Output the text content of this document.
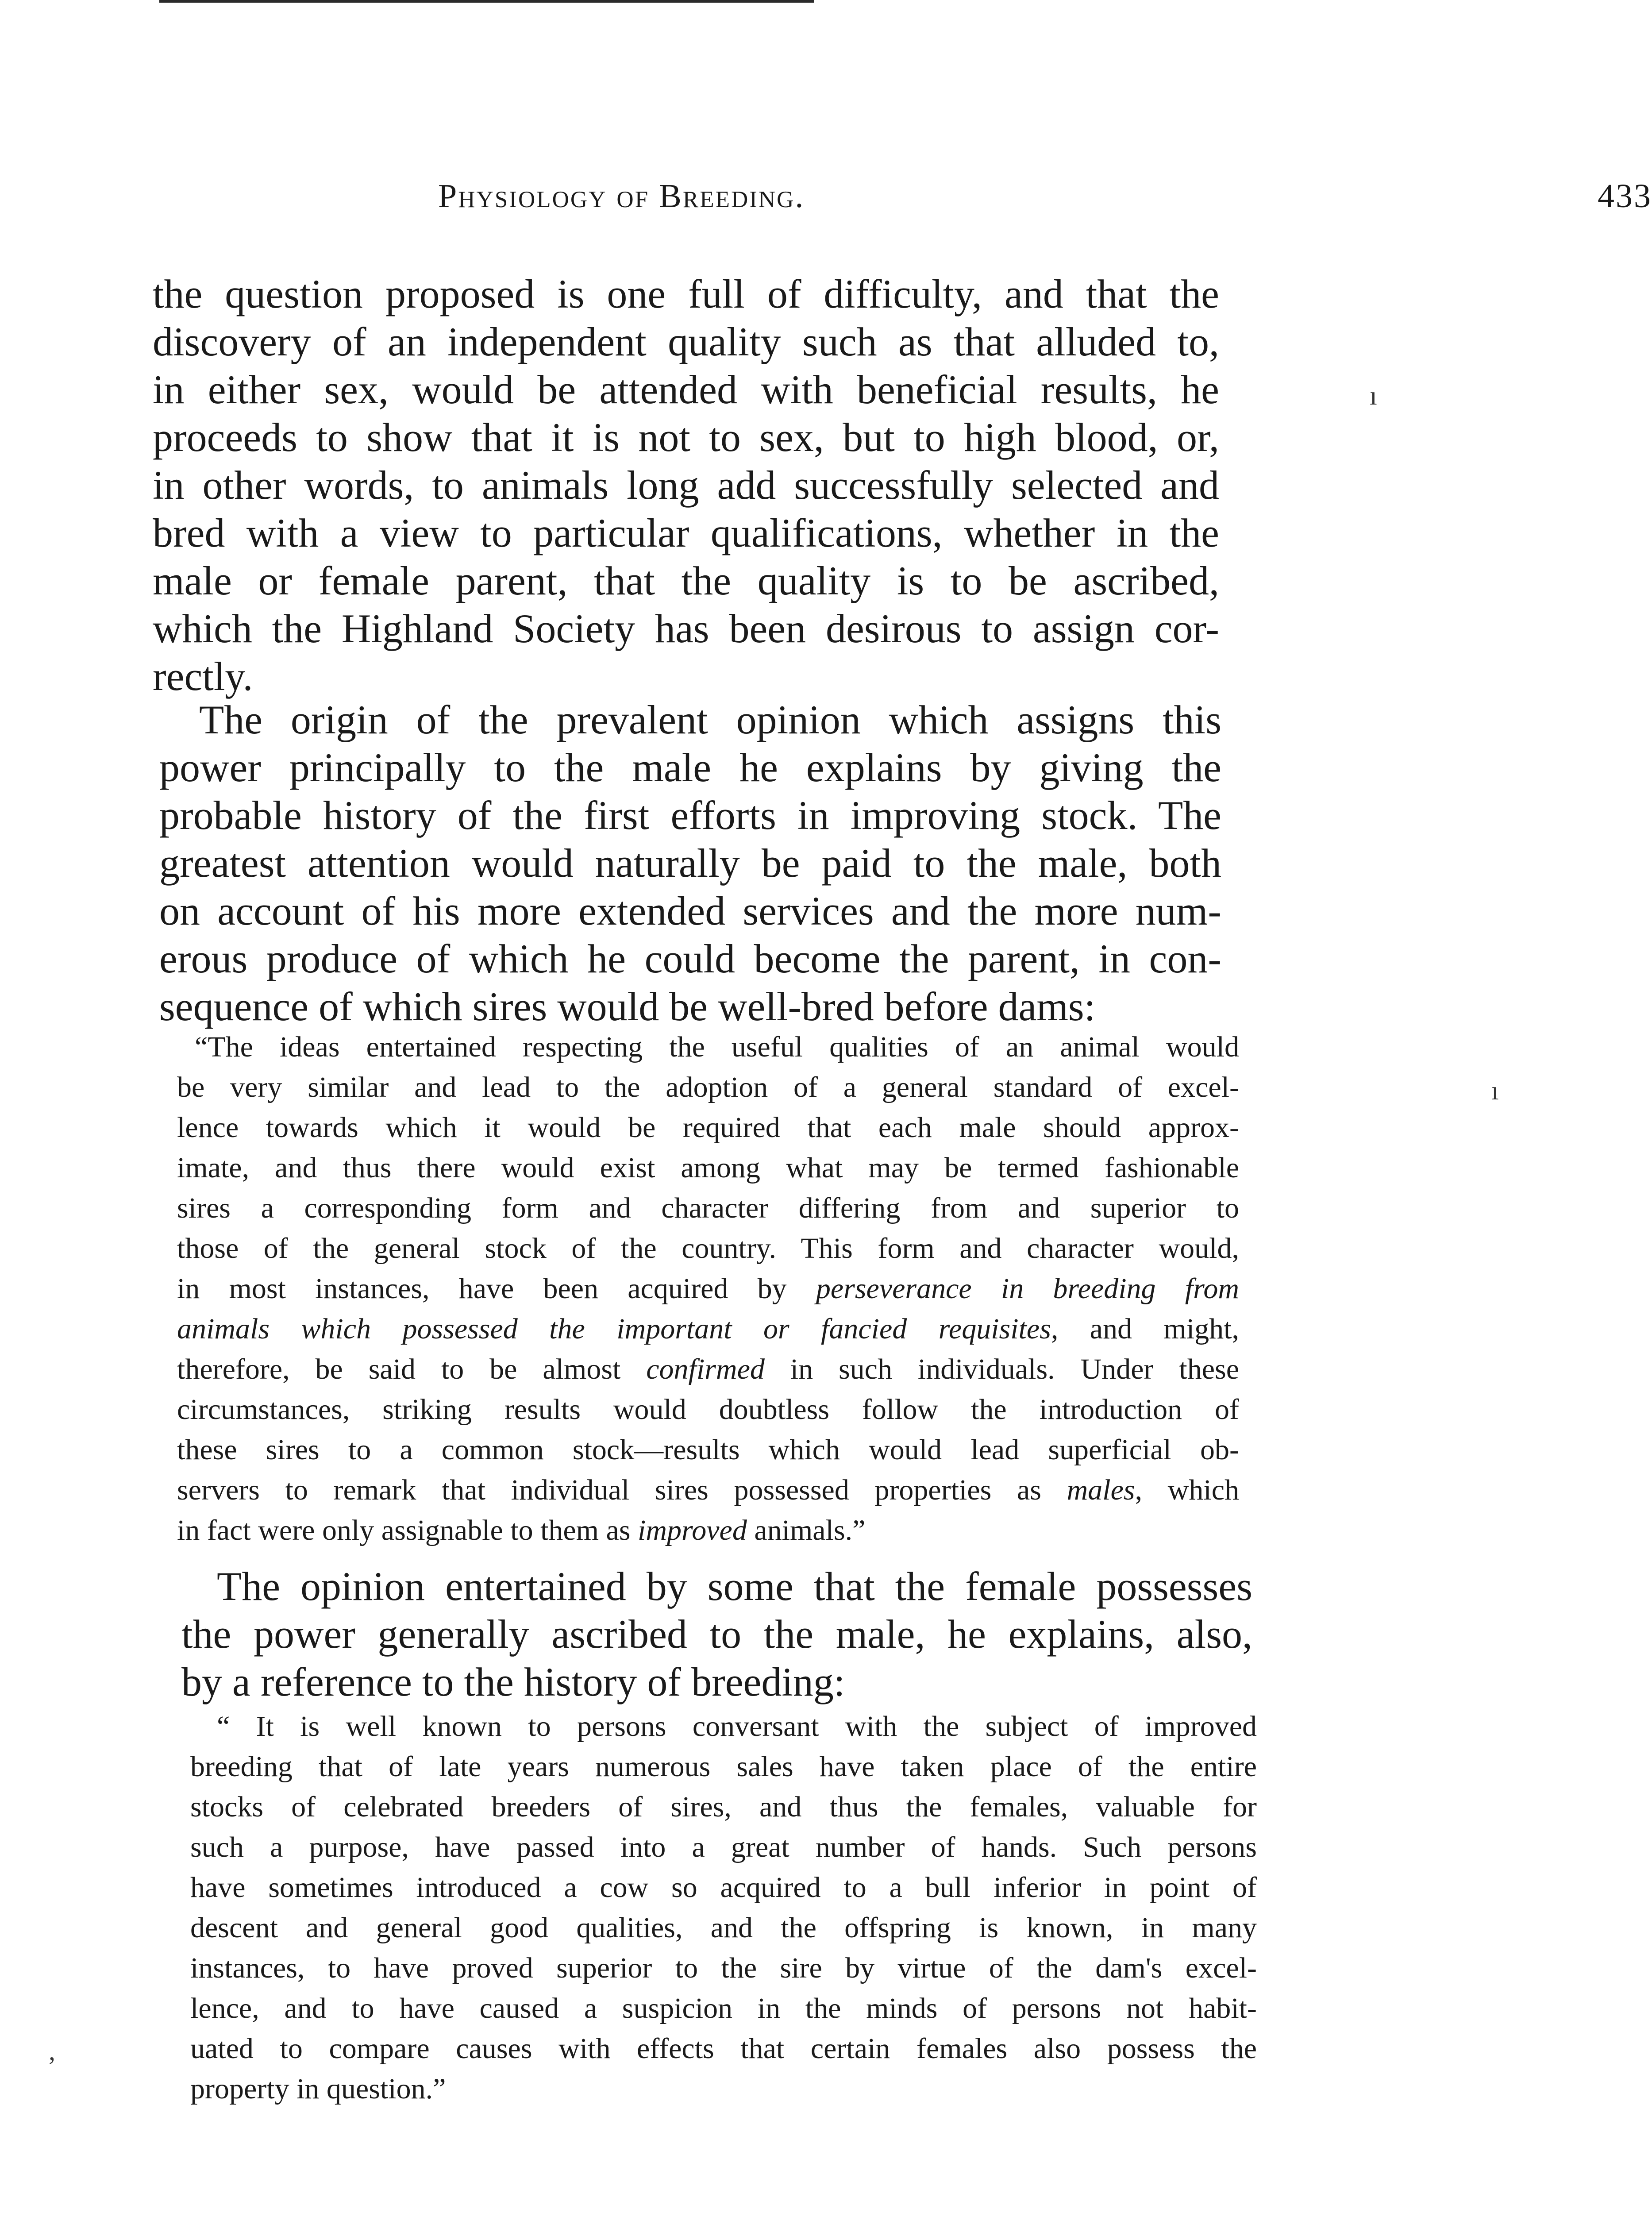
Physiology of Breeding.	433
the question proposed is one full of difficulty, and that the
discovery of an independent quality such as that alluded to,
in either sex, would be attended with beneficial results, he
proceeds to show that it is not to sex, but to high blood, or,
in other words, to animals long add successfully selected and
bred with a view to particular qualifications, whether in the
male or female parent, that the quality is to be ascribed,
which the Highland Society has been desirous to assign cor-
rectly.
The origin of the prevalent opinion which assigns this
power principally to the male he explains by giving the
probable history of the first efforts in improving stock. The
greatest attention would naturally be paid to the male, both
on account of his more extended services and the more num-
erous produce of which he could become the parent, in con-
sequence of which sires would be well-bred before dams:
“The ideas entertained respecting the useful qualities of an animal would
be very similar and lead to the adoption of a general standard of excel-
lence towards which it would be required that each male should approx-
imate, and thus there would exist among what may be termed fashionable
sires a corresponding form and character differing from and superior to
those of the general stock of the country. This form and character would,
in most instances, have been acquired by perseverance in breeding from
animals which possessed the important or fancied requisites, and might,
therefore, be said to be almost confirmed in such individuals. Under these
circumstances, striking results would doubtless follow the introduction of
these sires to a common stock—results which would lead superficial ob-
servers to remark that individual sires possessed properties as males, which
in fact were only assignable to them as improved animals.”
The opinion entertained by some that the female possesses
the power generally ascribed to the male, he explains, also,
by a reference to the history of breeding:
“ It is well known to persons conversant with the subject of improved
breeding that of late years numerous sales have taken place of the entire
stocks of celebrated breeders of sires, and thus the females, valuable for
such a purpose, have passed into a great number of hands. Such persons
have sometimes introduced a cow so acquired to a bull inferior in point of
descent and general good qualities, and the offspring is known, in many
instances, to have proved superior to the sire by virtue of the dam's excel-
lence, and to have caused a suspicion in the minds of persons not habit-
uated to compare causes with effects that certain females also possess the
property in question.”
ı
ı
,
